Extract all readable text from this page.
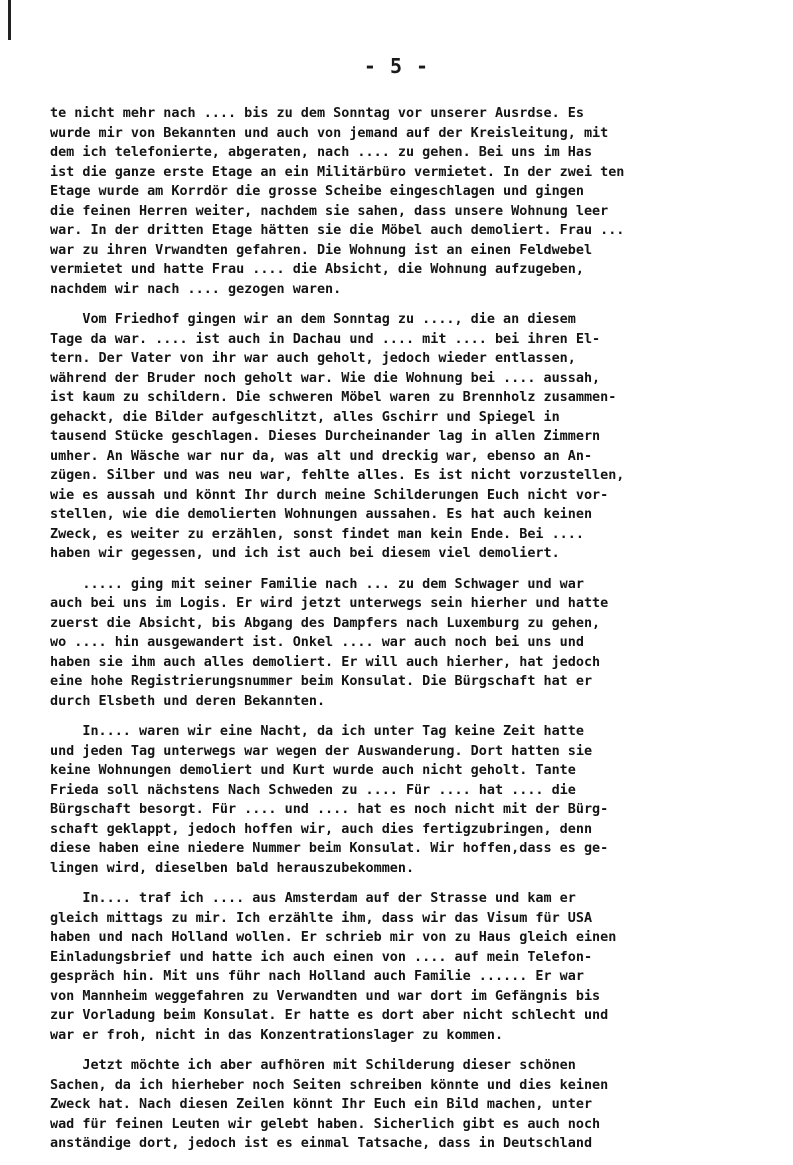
- 5 -
te nicht mehr nach .... bis zu dem Sonntag vor unserer Ausrdse. Es
wurde mir von Bekannten und auch von jemand auf der Kreisleitung, mit
dem ich telefonierte, abgeraten, nach .... zu gehen. Bei uns im Has
ist die ganze erste Etage an ein Militärbüro vermietet. In der zwei ten
Etage wurde am Korrdör die grosse Scheibe eingeschlagen und gingen
die feinen Herren weiter, nachdem sie sahen, dass unsere Wohnung leer
war. In der dritten Etage hätten sie die Möbel auch demoliert. Frau ...
war zu ihren Vrwandten gefahren. Die Wohnung ist an einen Feldwebel
vermietet und hatte Frau .... die Absicht, die Wohnung aufzugeben,
nachdem wir nach .... gezogen waren.
Vom Friedhof gingen wir an dem Sonntag zu ...., die an diesem
Tage da war. .... ist auch in Dachau und .... mit .... bei ihren El-
tern. Der Vater von ihr war auch geholt, jedoch wieder entlassen,
während der Bruder noch geholt war. Wie die Wohnung bei .... aussah,
ist kaum zu schildern. Die schweren Möbel waren zu Brennholz zusammen-
gehackt, die Bilder aufgeschlitzt, alles Gschirr und Spiegel in
tausend Stücke geschlagen. Dieses Durcheinander lag in allen Zimmern
umher. An Wäsche war nur da, was alt und dreckig war, ebenso an An-
zügen. Silber und was neu war, fehlte alles. Es ist nicht vorzustellen,
wie es aussah und könnt Ihr durch meine Schilderungen Euch nicht vor-
stellen, wie die demolierten Wohnungen aussahen. Es hat auch keinen
Zweck, es weiter zu erzählen, sonst findet man kein Ende. Bei ....
haben wir gegessen, und ich ist auch bei diesem viel demoliert.
..... ging mit seiner Familie nach ... zu dem Schwager und war
auch bei uns im Logis. Er wird jetzt unterwegs sein hierher und hatte
zuerst die Absicht, bis Abgang des Dampfers nach Luxemburg zu gehen,
wo .... hin ausgewandert ist. Onkel .... war auch noch bei uns und
haben sie ihm auch alles demoliert. Er will auch hierher, hat jedoch
eine hohe Registrierungsnummer beim Konsulat. Die Bürgschaft hat er
durch Elsbeth und deren Bekannten.
In.... waren wir eine Nacht, da ich unter Tag keine Zeit hatte
und jeden Tag unterwegs war wegen der Auswanderung. Dort hatten sie
keine Wohnungen demoliert und Kurt wurde auch nicht geholt. Tante
Frieda soll nächstens Nach Schweden zu .... Für .... hat .... die
Bürgschaft besorgt. Für .... und .... hat es noch nicht mit der Bürg-
schaft geklappt, jedoch hoffen wir, auch dies fertigzubringen, denn
diese haben eine niedere Nummer beim Konsulat. Wir hoffen,dass es ge-
lingen wird, dieselben bald herauszubekommen.
In.... traf ich .... aus Amsterdam auf der Strasse und kam er
gleich mittags zu mir. Ich erzählte ihm, dass wir das Visum für USA
haben und nach Holland wollen. Er schrieb mir von zu Haus gleich einen
Einladungsbrief und hatte ich auch einen von .... auf mein Telefon-
gespräch hin. Mit uns führ nach Holland auch Familie ...... Er war
von Mannheim weggefahren zu Verwandten und war dort im Gefängnis bis
zur Vorladung beim Konsulat. Er hatte es dort aber nicht schlecht und
war er froh, nicht in das Konzentrationslager zu kommen.
Jetzt möchte ich aber aufhören mit Schilderung dieser schönen
Sachen, da ich hierheber noch Seiten schreiben könnte und dies keinen
Zweck hat. Nach diesen Zeilen könnt Ihr Euch ein Bild machen, unter
wad für feinen Leuten wir gelebt haben. Sicherlich gibt es auch noch
anständige dort, jedoch ist es einmal Tatsache, dass in Deutschland
